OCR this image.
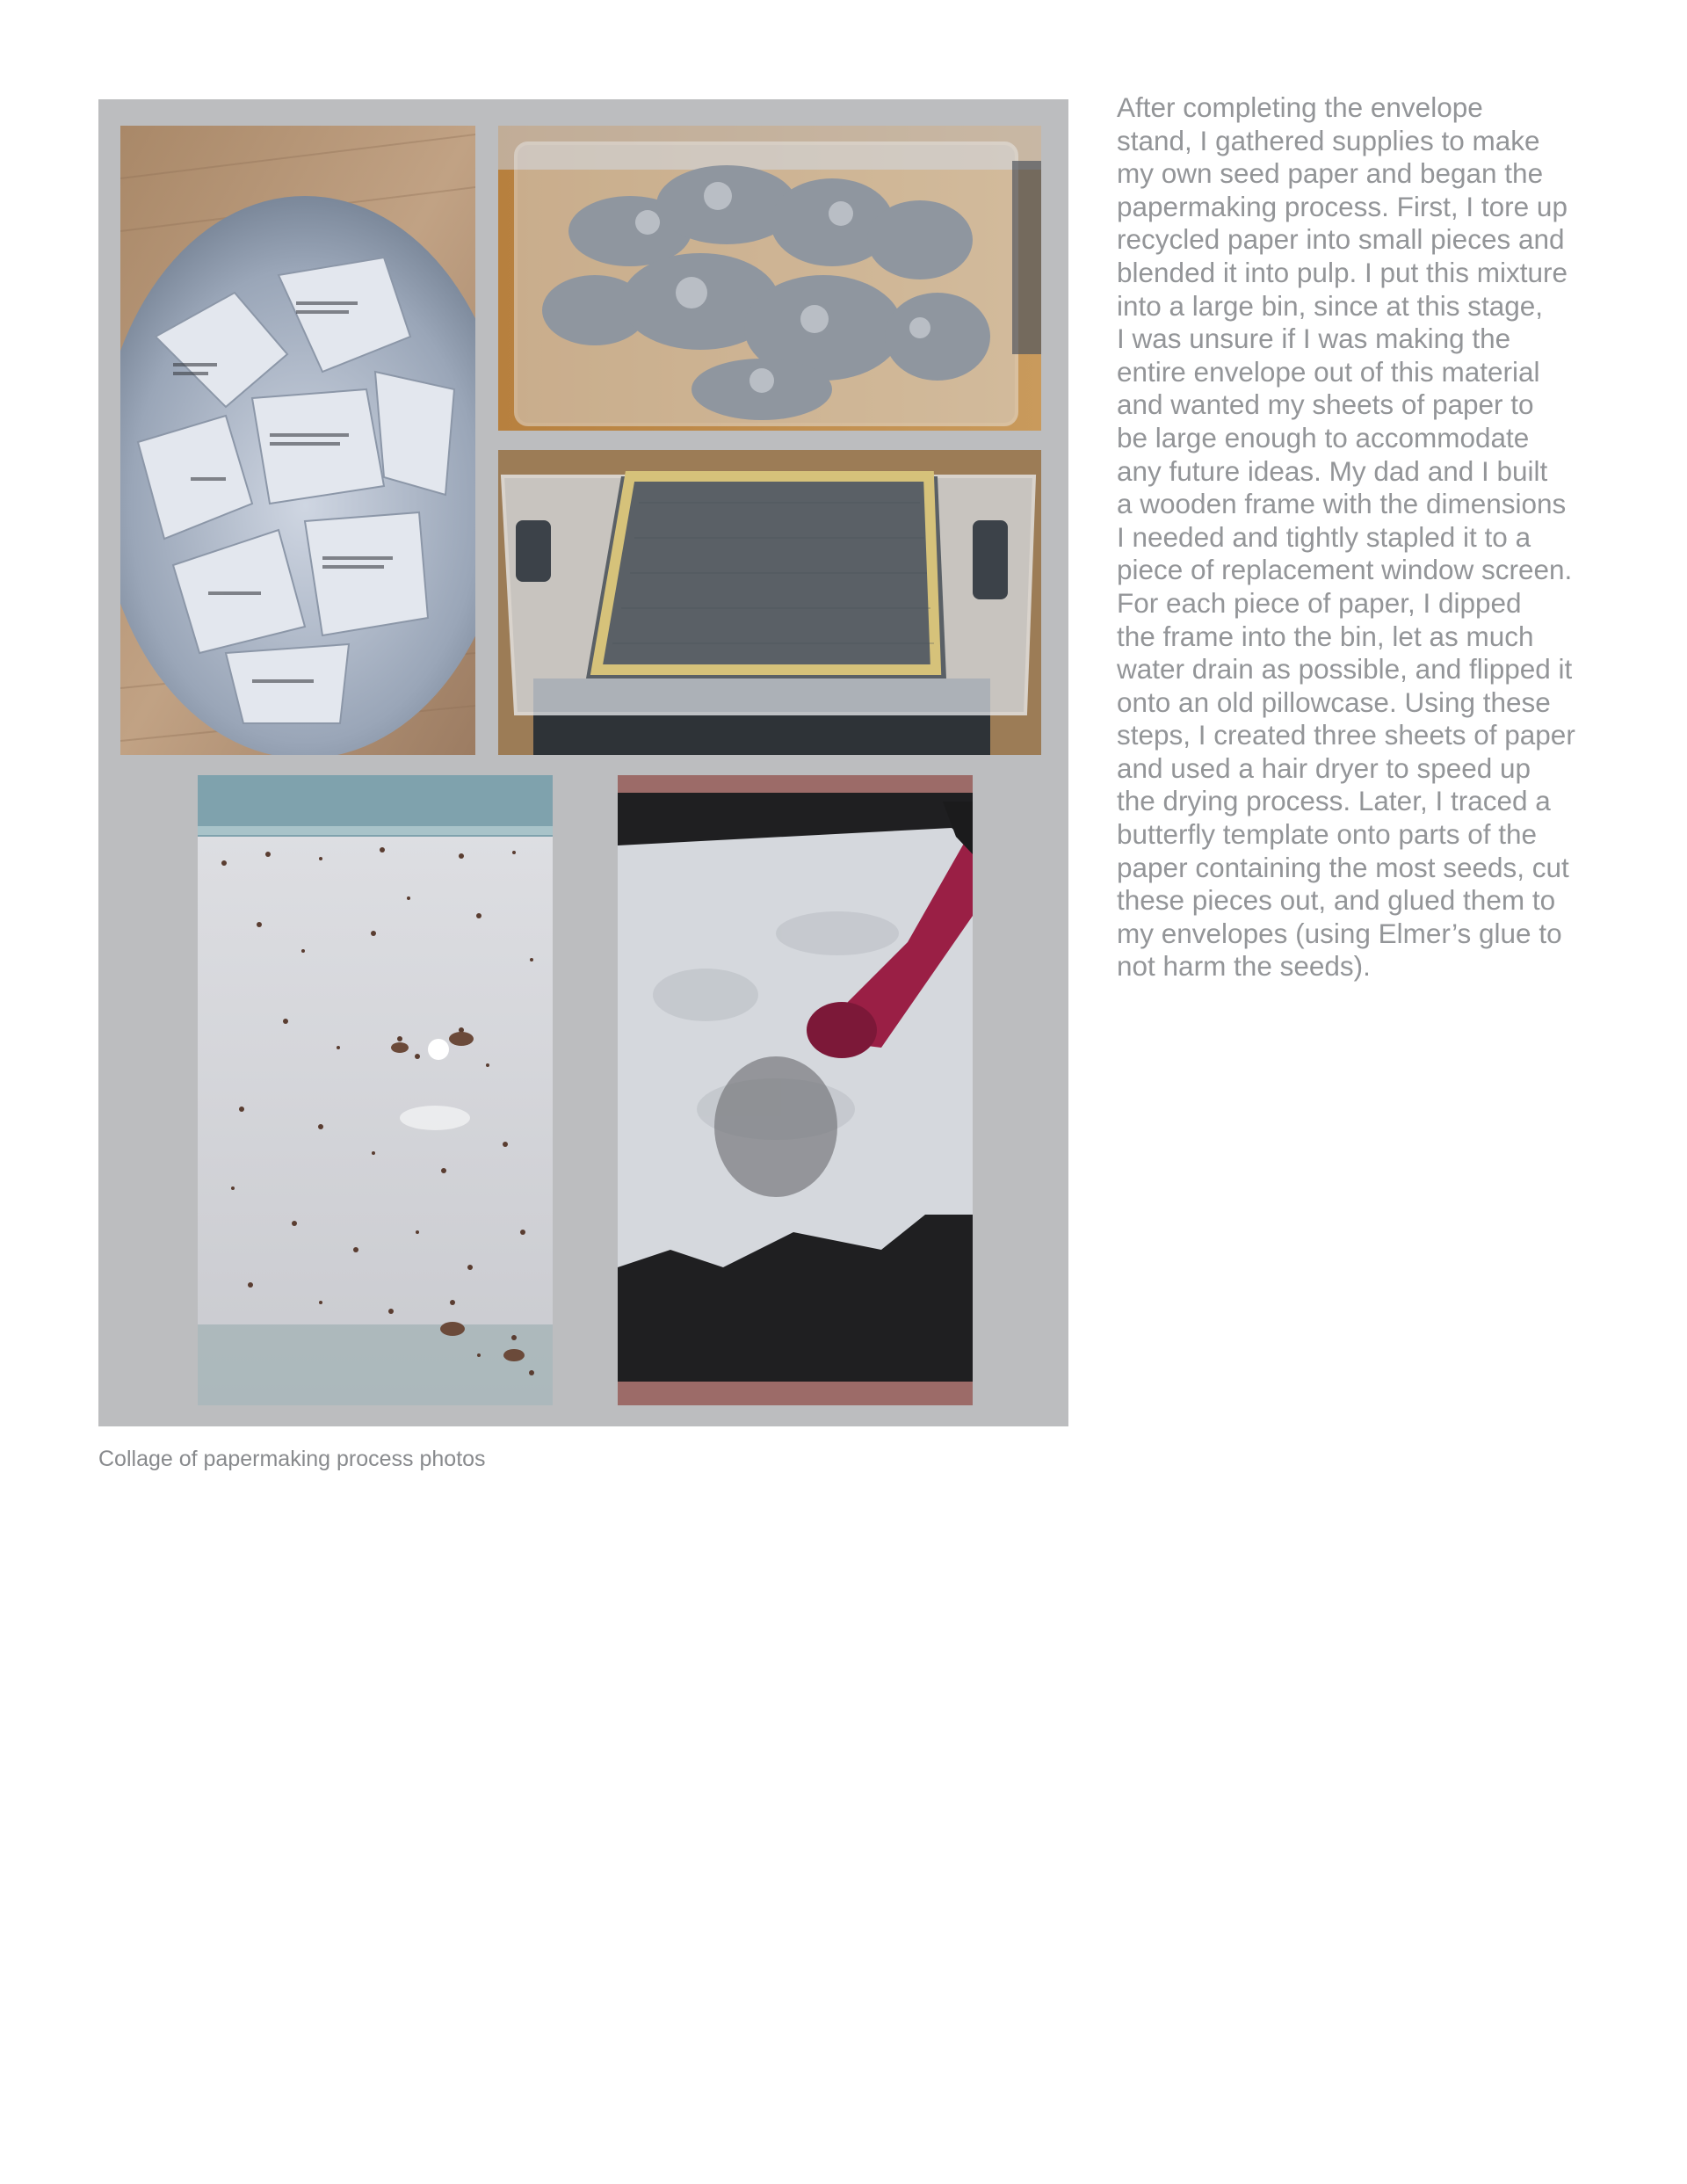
Collage of papermaking process photos

After completing the envelope
stand, I gathered supplies to make
my own seed paper and began the
papermaking process. First, I tore up
recycled paper into small pieces and
blended it into pulp. I put this mixture
into a large bin, since at this stage,
I was unsure if I was making the
entire envelope out of this material
and wanted my sheets of paper to
be large enough to accommodate
any future ideas. My dad and I built
a wooden frame with the dimensions
I needed and tightly stapled it to a
piece of replacement window screen.
For each piece of paper, I dipped
the frame into the bin, let as much
water drain as possible, and flipped it
onto an old pillowcase. Using these
steps, I created three sheets of paper
and used a hair dryer to speed up
the drying process. Later, I traced a
butterfly template onto parts of the
paper containing the most seeds, cut
these pieces out, and glued them to
my envelopes (using Elmer’s glue to
not harm the seeds).
